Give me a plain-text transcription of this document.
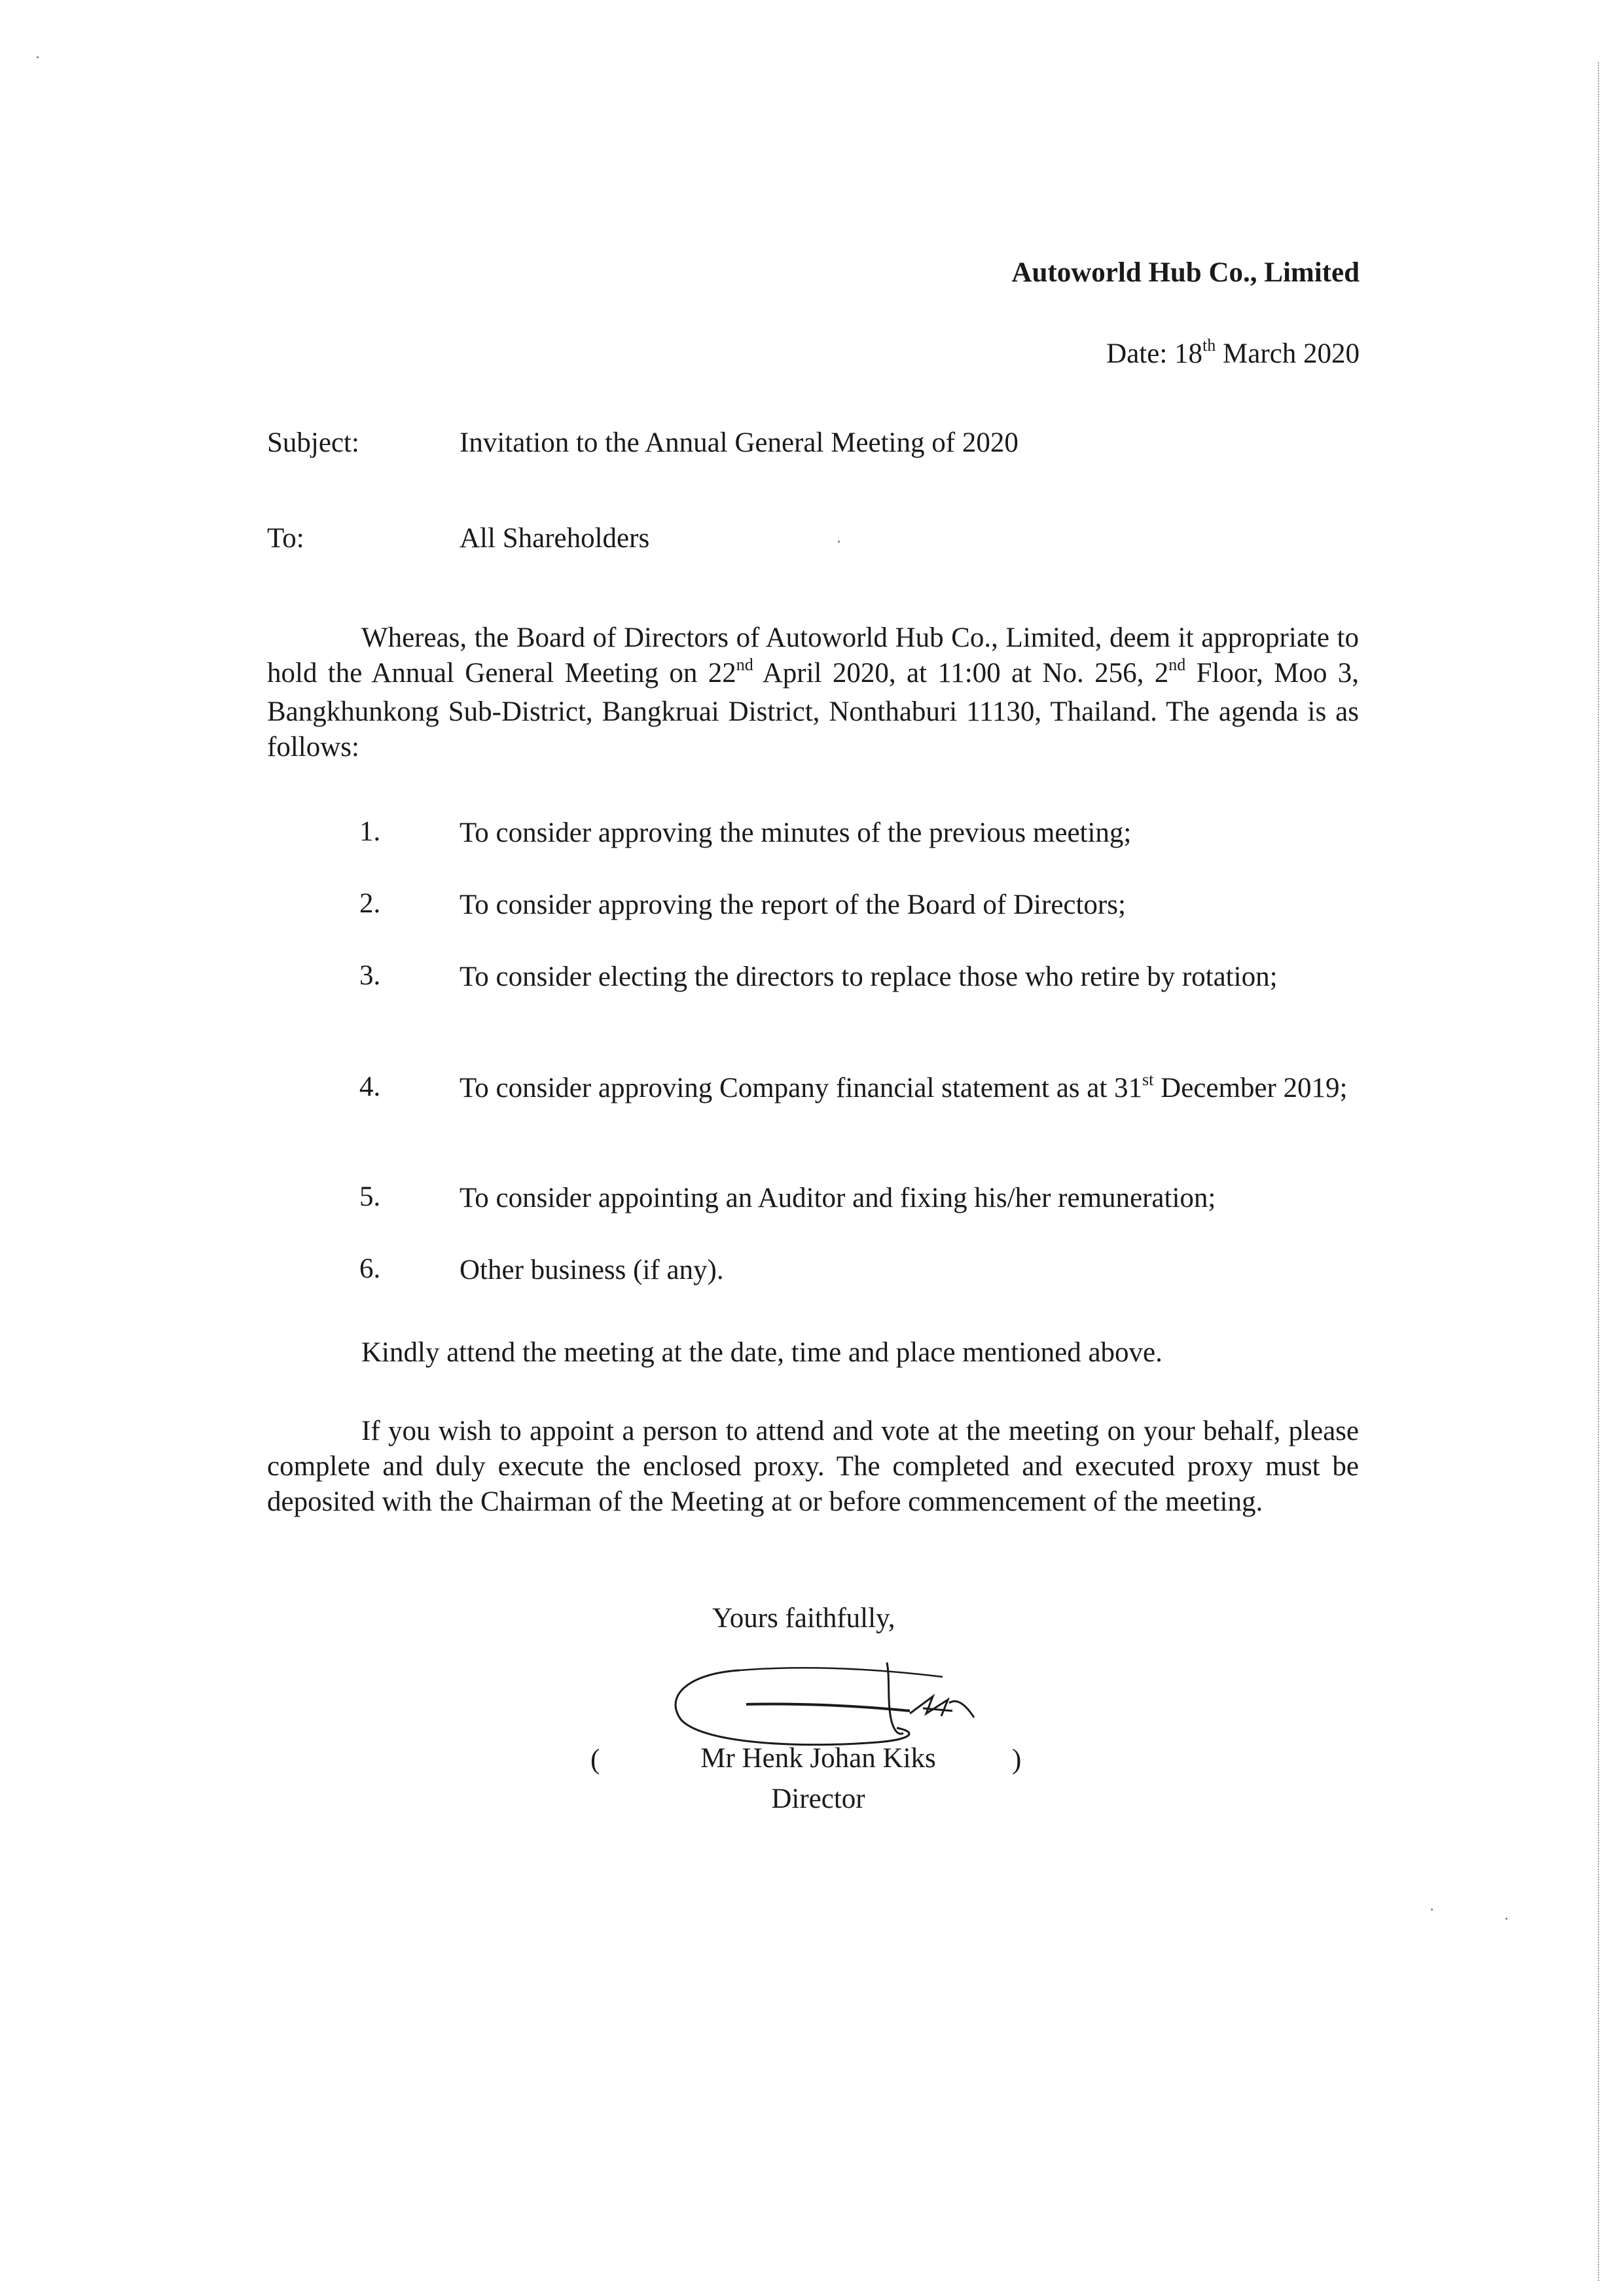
Autoworld Hub Co., Limited
Date: 18th March 2020
Subject:	Invitation to the Annual General Meeting of 2020
To:	All Shareholders
Whereas, the Board of Directors of Autoworld Hub Co., Limited, deem it appropriate to hold the Annual General Meeting on 22nd April 2020, at 11:00 at No. 256, 2nd Floor, Moo 3, Bangkhunkong Sub-District, Bangkruai District, Nonthaburi 11130, Thailand. The agenda is as follows:
1.	To consider approving the minutes of the previous meeting;
2.	To consider approving the report of the Board of Directors;
3.	To consider electing the directors to replace those who retire by rotation;
4.	To consider approving Company financial statement as at 31st December 2019;
5.	To consider appointing an Auditor and fixing his/her remuneration;
6.	Other business (if any).
Kindly attend the meeting at the date, time and place mentioned above.
If you wish to appoint a person to attend and vote at the meeting on your behalf, please complete and duly execute the enclosed proxy. The completed and executed proxy must be deposited with the Chairman of the Meeting at or before commencement of the meeting.
Yours faithfully,
(	Mr Henk Johan Kiks	)
Director
